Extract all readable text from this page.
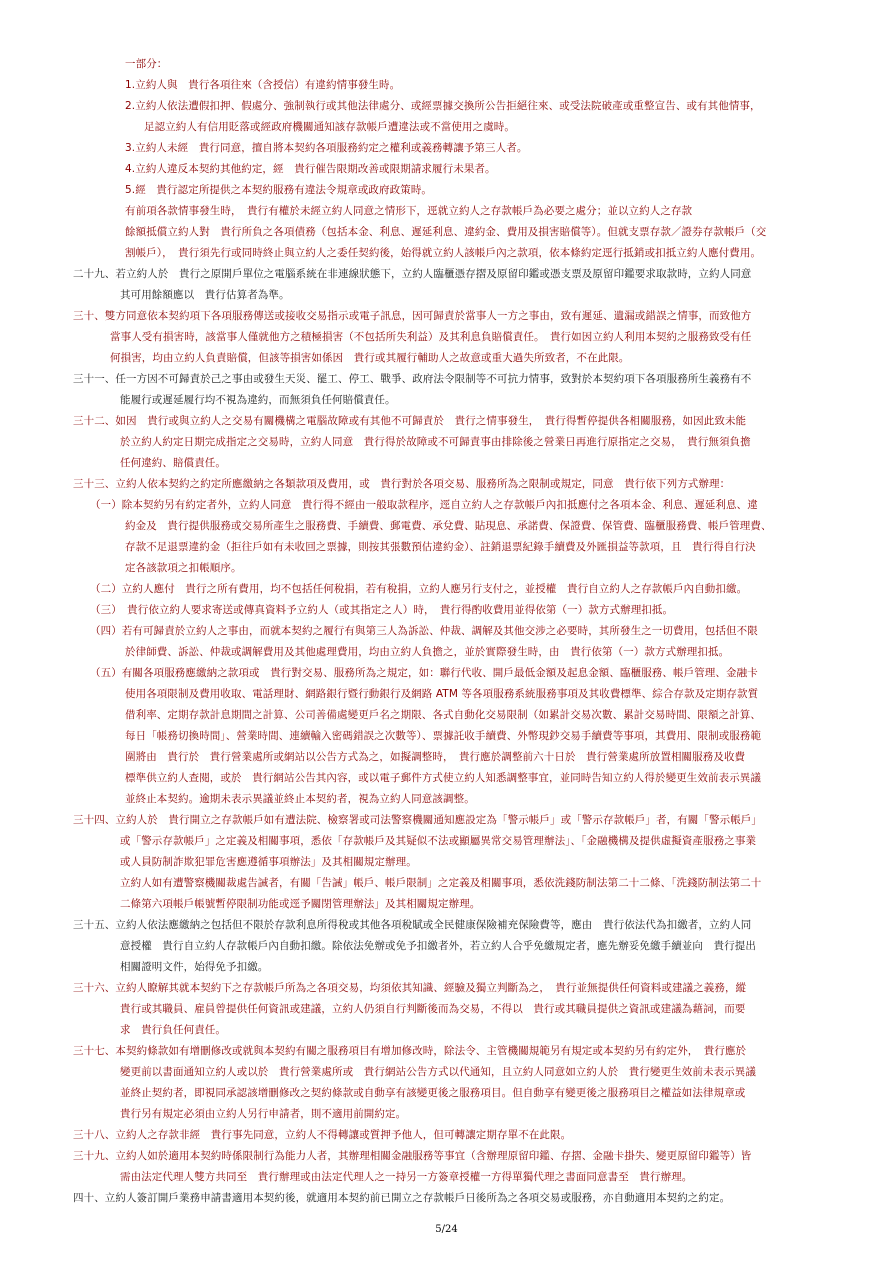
一部分：
1.立約人與　貴行各項往來（含授信）有違約情事發生時。
2.立約人依法遭假扣押、假處分、強制執行或其他法律處分、或經票據交換所公告拒絕往來、或受法院破產或重整宣告、或有其他情事，
足認立約人有信用貶落或經政府機關通知該存款帳戶遭違法或不當使用之虞時。
3.立約人未經　貴行同意，擅自將本契約各項服務約定之權利或義務轉讓予第三人者。
4.立約人違反本契約其他約定，經　貴行催告限期改善或限期請求履行未果者。
5.經　貴行認定所提供之本契約服務有違法令規章或政府政策時。
有前項各款情事發生時，　貴行有權於未經立約人同意之情形下，逕就立約人之存款帳戶為必要之處分；並以立約人之存款
餘額抵償立約人對　貴行所負之各項債務（包括本金、利息、遲延利息、違約金、費用及損害賠償等）。但就支票存款／證券存款帳戶（交
割帳戶），　貴行須先行或同時終止與立約人之委任契約後，始得就立約人該帳戶內之款項，依本條約定逕行抵銷或扣抵立約人應付費用。
二十九、若立約人於　貴行之原開戶單位之電腦系統在非連線狀態下，立約人臨櫃憑存摺及原留印鑑或憑支票及原留印鑑要求取款時，立約人同意
其可用餘額應以　貴行估算者為準。
三十、雙方同意依本契約項下各項服務傳送或接收交易指示或電子訊息，因可歸責於當事人一方之事由，致有遲延、遺漏或錯誤之情事，而致他方
當事人受有損害時，該當事人僅就他方之積極損害（不包括所失利益）及其利息負賠償責任。　貴行如因立約人利用本契約之服務致受有任
何損害，均由立約人負責賠償，但該等損害如係因　貴行或其履行輔助人之故意或重大過失所致者，不在此限。
三十一、任一方因不可歸責於己之事由或發生天災、罷工、停工、戰爭、政府法令限制等不可抗力情事，致對於本契約項下各項服務所生義務有不
能履行或遲延履行均不視為違約，而無須負任何賠償責任。
三十二、如因　貴行或與立約人之交易有關機構之電腦故障或有其他不可歸責於　貴行之情事發生，　貴行得暫停提供各相關服務，如因此致未能
於立約人約定日期完成指定之交易時，立約人同意　貴行得於故障或不可歸責事由排除後之營業日再進行原指定之交易，　貴行無須負擔
任何違約、賠償責任。
三十三、立約人依本契約之約定所應繳納之各類款項及費用，或　貴行對於各項交易、服務所為之限制或規定，同意　貴行依下列方式辦理：
（一）除本契約另有約定者外，立約人同意　貴行得不經由一般取款程序，逕自立約人之存款帳戶內扣抵應付之各項本金、利息、遲延利息、違
約金及　貴行提供服務或交易所產生之服務費、手續費、郵電費、承兌費、貼現息、承諾費、保證費、保管費、臨櫃服務費、帳戶管理費、
存款不足退票違約金（拒往戶如有未收回之票據，則按其張數預估違約金）、註銷退票紀錄手續費及外匯損益等款項，且　貴行得自行決
定各該款項之扣帳順序。
（二）立約人應付　貴行之所有費用，均不包括任何稅捐，若有稅捐，立約人應另行支付之，並授權　貴行自立約人之存款帳戶內自動扣繳。
（三）　貴行依立約人要求寄送或傳真資料予立約人（或其指定之人）時，　貴行得酌收費用並得依第（一）款方式辦理扣抵。
（四）若有可歸責於立約人之事由，而就本契約之履行有與第三人為訴訟、仲裁、調解及其他交涉之必要時，其所發生之一切費用，包括但不限
於律師費、訴訟、仲裁或調解費用及其他處理費用，均由立約人負擔之，並於實際發生時，由　貴行依第（一）款方式辦理扣抵。
（五）有關各項服務應繳納之款項或　貴行對交易、服務所為之規定，如：聯行代收、開戶最低金額及起息金額、臨櫃服務、帳戶管理、金融卡
使用各項限制及費用收取、電話理財、網路銀行暨行動銀行及網路 ATM 等各項服務系統服務事項及其收費標準、綜合存款及定期存款質
借利率、定期存款計息期間之計算、公司善備處變更戶名之期限、各式自動化交易限制（如累計交易次數、累計交易時間、限額之計算、
每日「帳務切換時間」、營業時間、連續輸入密碼錯誤之次數等）、票據託收手續費、外幣現鈔交易手續費等事項，其費用、限制或服務範
圍將由　貴行於　貴行營業處所或網站以公告方式為之，如擬調整時，　貴行應於調整前六十日於　貴行營業處所放置相關服務及收費
標準供立約人查閱，或於　貴行網站公告其內容，或以電子郵件方式使立約人知悉調整事宜，並同時告知立約人得於變更生效前表示異議
並終止本契約。逾期未表示異議並終止本契約者，視為立約人同意該調整。
三十四、立約人於　貴行開立之存款帳戶如有遭法院、檢察署或司法警察機關通知應設定為「警示帳戶」或「警示存款帳戶」者，有關「警示帳戶」
或「警示存款帳戶」之定義及相關事項，悉依「存款帳戶及其疑似不法或顯屬異常交易管理辦法」、「金融機構及提供虛擬資產服務之事業
或人員防制詐欺犯罪危害應遵循事項辦法」及其相關規定辦理。
立約人如有遭警察機關裁處告誡者，有關「告誡」帳戶、帳戶限制」之定義及相關事項，悉依洗錢防制法第二十二條、「洗錢防制法第二十
二條第六項帳戶帳號暫停限制功能或逕予關閉管理辦法」及其相關規定辦理。
三十五、立約人依法應繳納之包括但不限於存款利息所得稅或其他各項稅賦或全民健康保險補充保險費等，應由　貴行依法代為扣繳者，立約人同
意授權　貴行自立約人存款帳戶內自動扣繳。除依法免辦或免予扣繳者外，若立約人合乎免繳規定者，應先辦妥免繳手續並向　貴行提出
相關證明文件，始得免予扣繳。
三十六、立約人瞭解其就本契約下之存款帳戶所為之各項交易，均須依其知識、經驗及獨立判斷為之，　貴行並無提供任何資料或建議之義務，縱
貴行或其職員、雇員曾提供任何資訊或建議，立約人仍須自行判斷後而為交易，不得以　貴行或其職員提供之資訊或建議為藉詞，而要
求　貴行負任何責任。
三十七、本契約條款如有增刪修改或就與本契約有關之服務項目有增加修改時，除法令、主管機關規範另有規定或本契約另有約定外，　貴行應於
變更前以書面通知立約人或以於　貴行營業處所或　貴行網站公告方式以代通知，且立約人同意如立約人於　貴行變更生效前未表示異議
並終止契約者，即視同承認該增刪修改之契約條款或自動享有該變更後之服務項目。但自動享有變更後之服務項目之權益如法律規章或
貴行另有規定必須由立約人另行申請者，則不適用前開約定。
三十八、立約人之存款非經　貴行事先同意，立約人不得轉讓或質押予他人，但可轉讓定期存單不在此限。
三十九、立約人如於適用本契約時係限制行為能力人者，其辦理相關金融服務等事宜（含辦理原留印鑑、存摺、金融卡掛失、變更原留印鑑等）皆
需由法定代理人雙方共同至　貴行辦理或由法定代理人之一持另一方簽章授權一方得單獨代理之書面同意書至　貴行辦理。
四十、立約人簽訂開戶業務申請書適用本契約後，就適用本契約前已開立之存款帳戶日後所為之各項交易或服務，亦自動適用本契約之約定。
5/24
